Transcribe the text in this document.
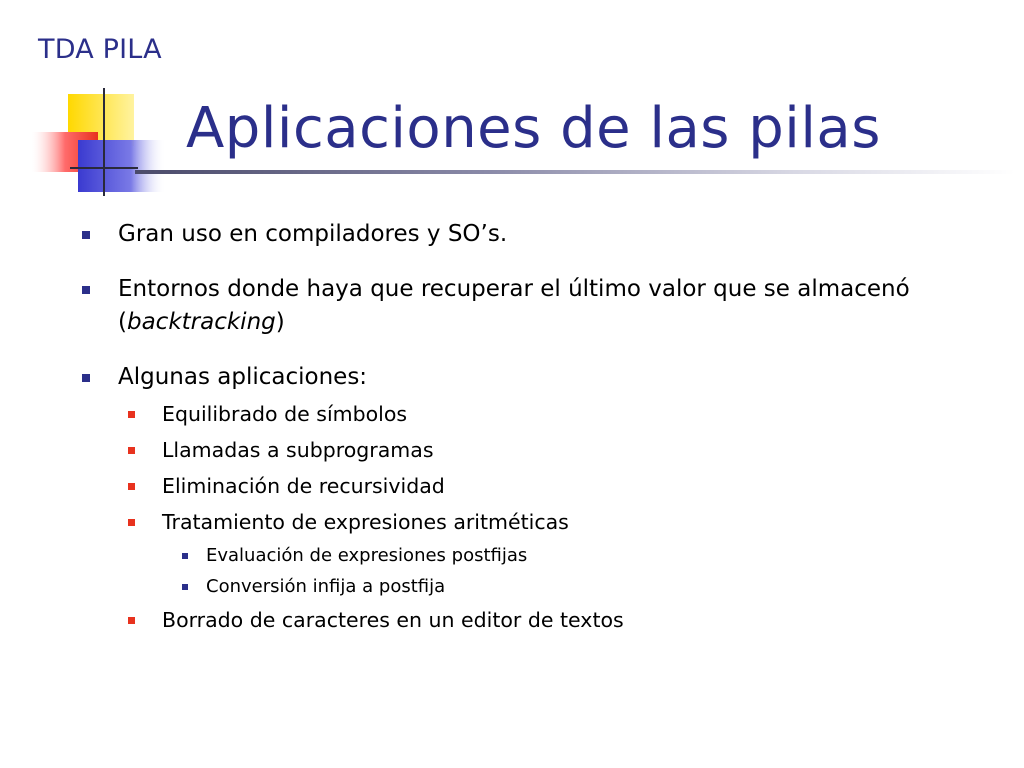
TDA PILA
Aplicaciones de las pilas
Gran uso en compiladores y SO’s.
Entornos donde haya que recuperar el último valor que se almacenó (backtracking)
Algunas aplicaciones:
Equilibrado de símbolos
Llamadas a subprogramas
Eliminación de recursividad
Tratamiento de expresiones aritméticas
Evaluación de expresiones postfijas
Conversión infija a postfija
Borrado de caracteres en un editor de textos
